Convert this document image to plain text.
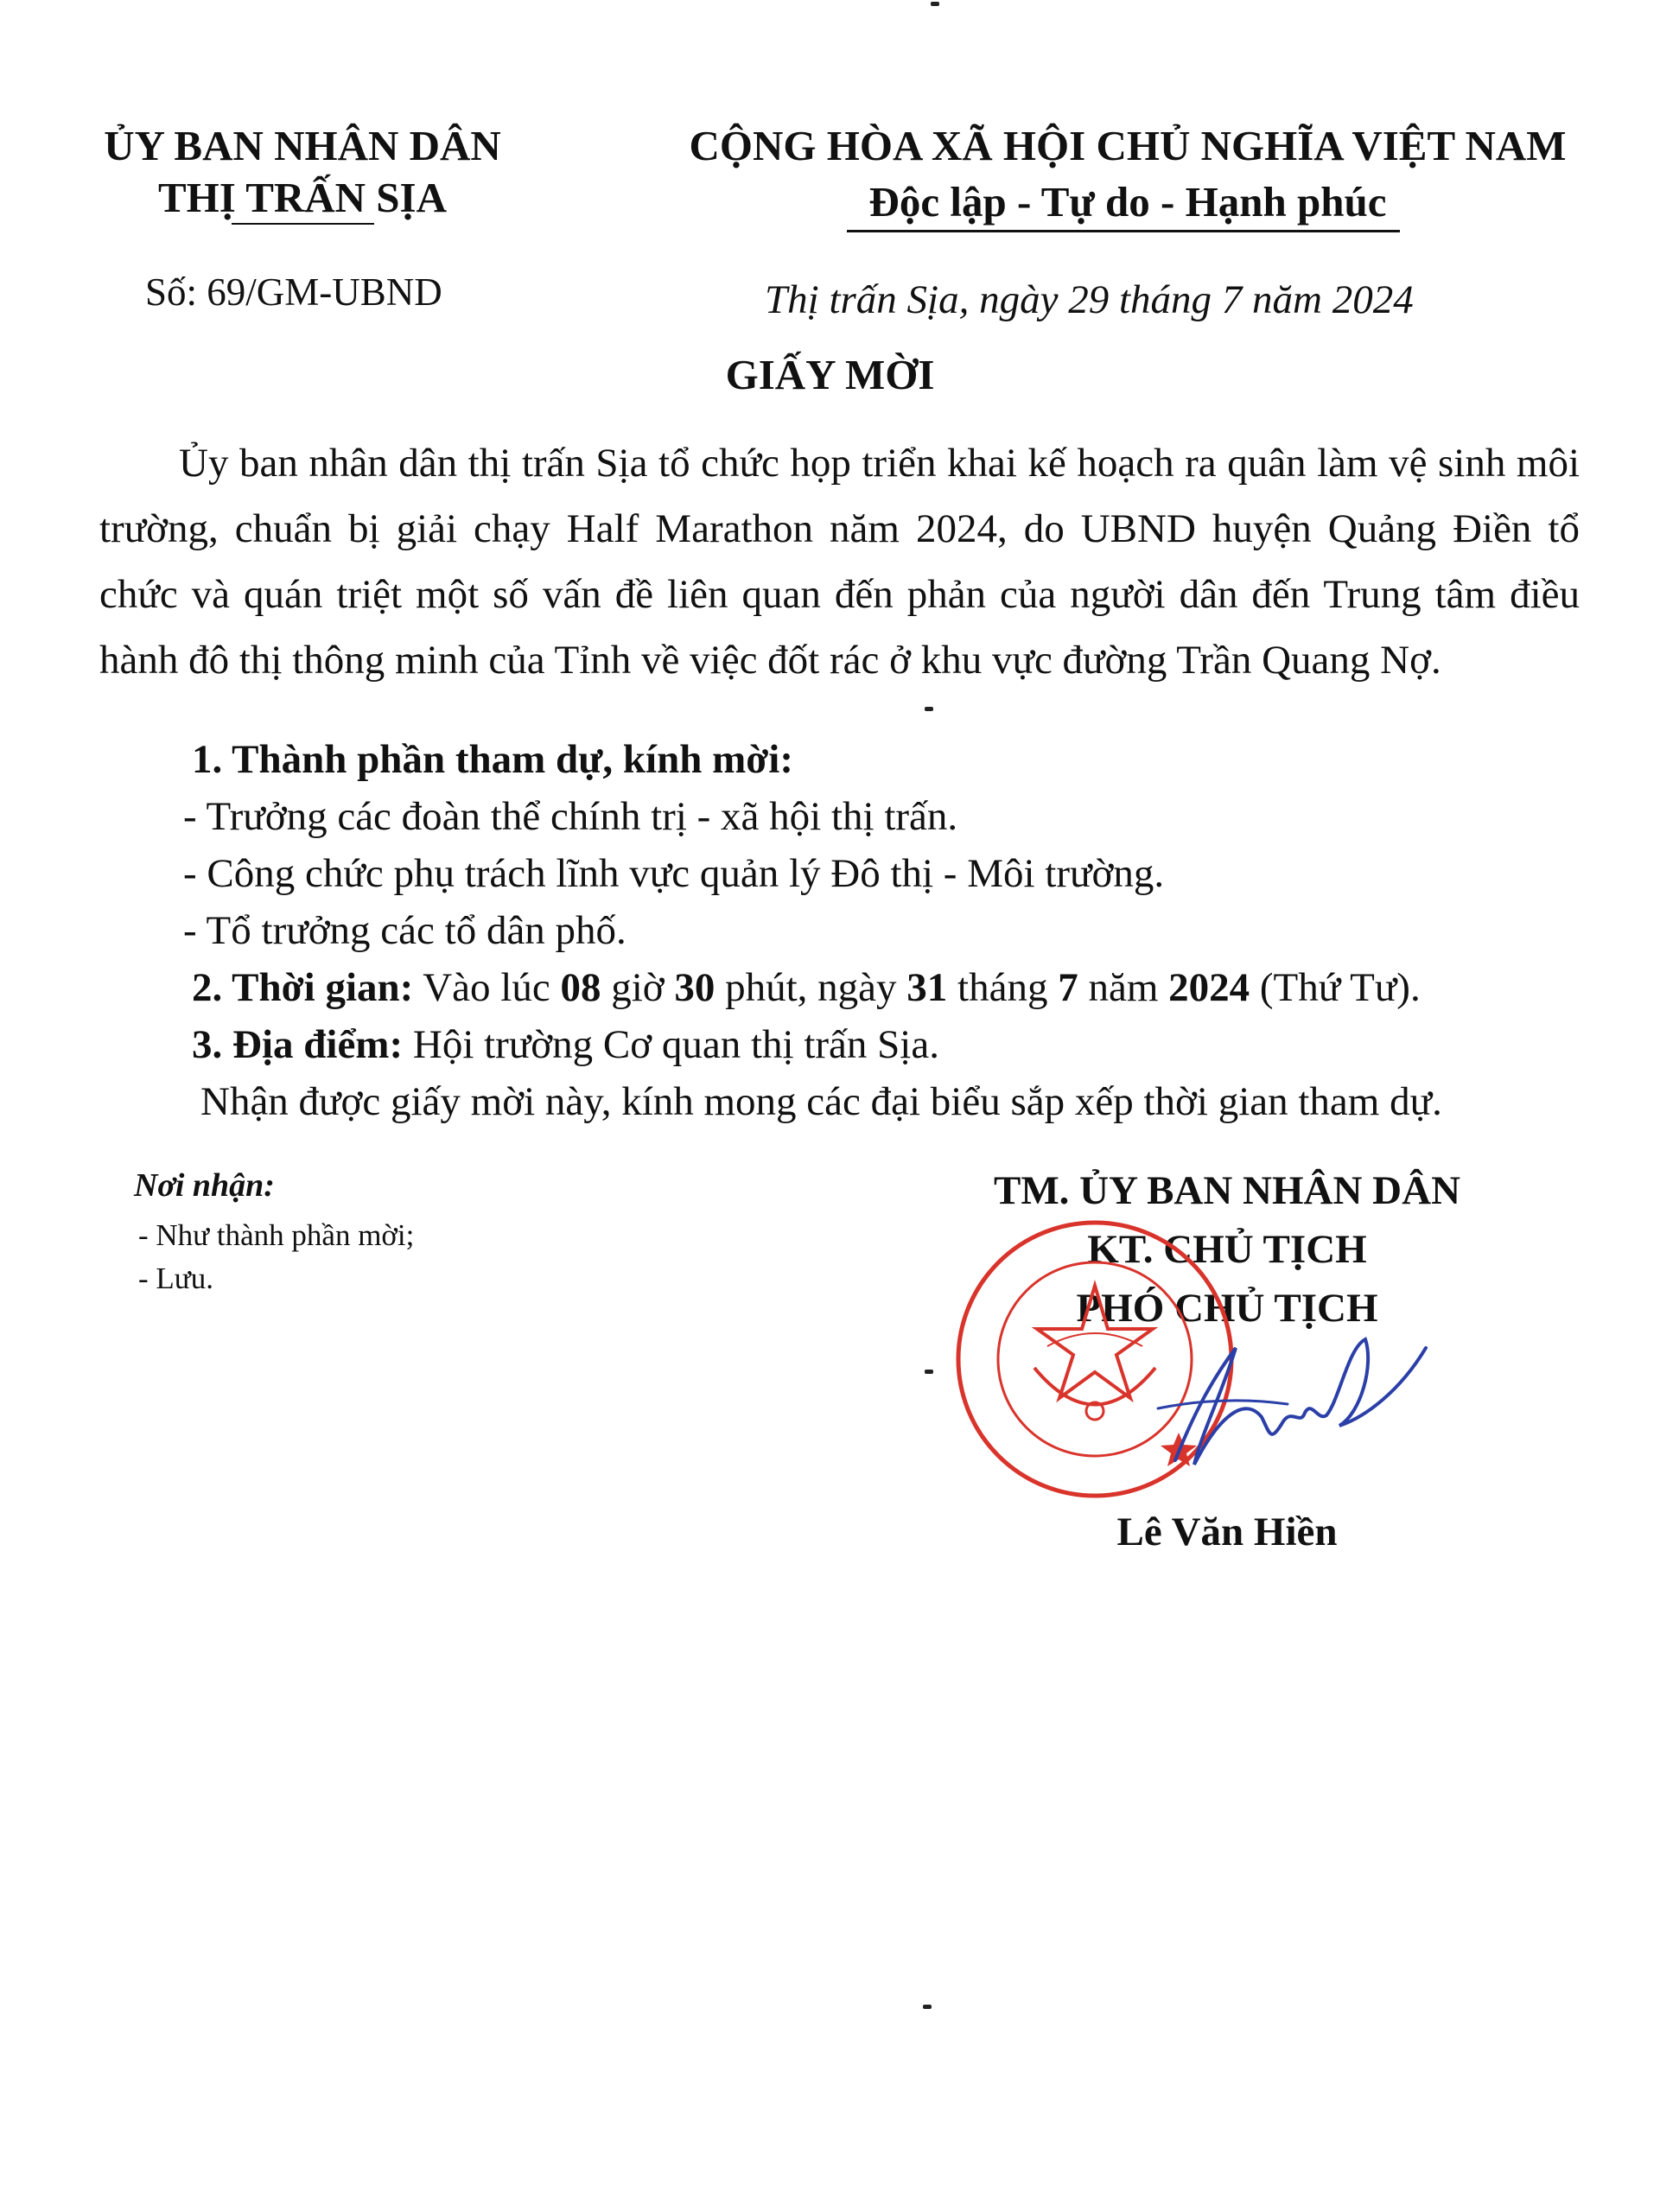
ỦY BAN NHÂN DÂN
THỊ TRẤN SỊA
CỘNG HÒA XÃ HỘI CHỦ NGHĨA VIỆT NAM
Độc lập - Tự do - Hạnh phúc
Số: 69/GM-UBND	Thị trấn Sịa, ngày 29 tháng 7 năm 2024
GIẤY MỜI
Ủy ban nhân dân thị trấn Sịa tổ chức họp triển khai kế hoạch ra quân làm vệ sinh môi trường, chuẩn bị giải chạy Half Marathon năm 2024, do UBND huyện Quảng Điền tổ chức và quán triệt một số vấn đề liên quan đến phản của người dân đến Trung tâm điều hành đô thị thông minh của Tỉnh về việc đốt rác ở khu vực đường Trần Quang Nợ.
1. Thành phần tham dự, kính mời:
- Trưởng các đoàn thể chính trị - xã hội thị trấn.
- Công chức phụ trách lĩnh vực quản lý Đô thị - Môi trường.
- Tổ trưởng các tổ dân phố.
2. Thời gian: Vào lúc 08 giờ 30 phút, ngày 31 tháng 7 năm 2024 (Thứ Tư).
3. Địa điểm: Hội trường Cơ quan thị trấn Sịa.
Nhận được giấy mời này, kính mong các đại biểu sắp xếp thời gian tham dự.
Nơi nhận:
- Như thành phần mời;
- Lưu.
TM. ỦY BAN NHÂN DÂN
KT. CHỦ TỊCH
PHÓ CHỦ TỊCH
Lê Văn Hiền
